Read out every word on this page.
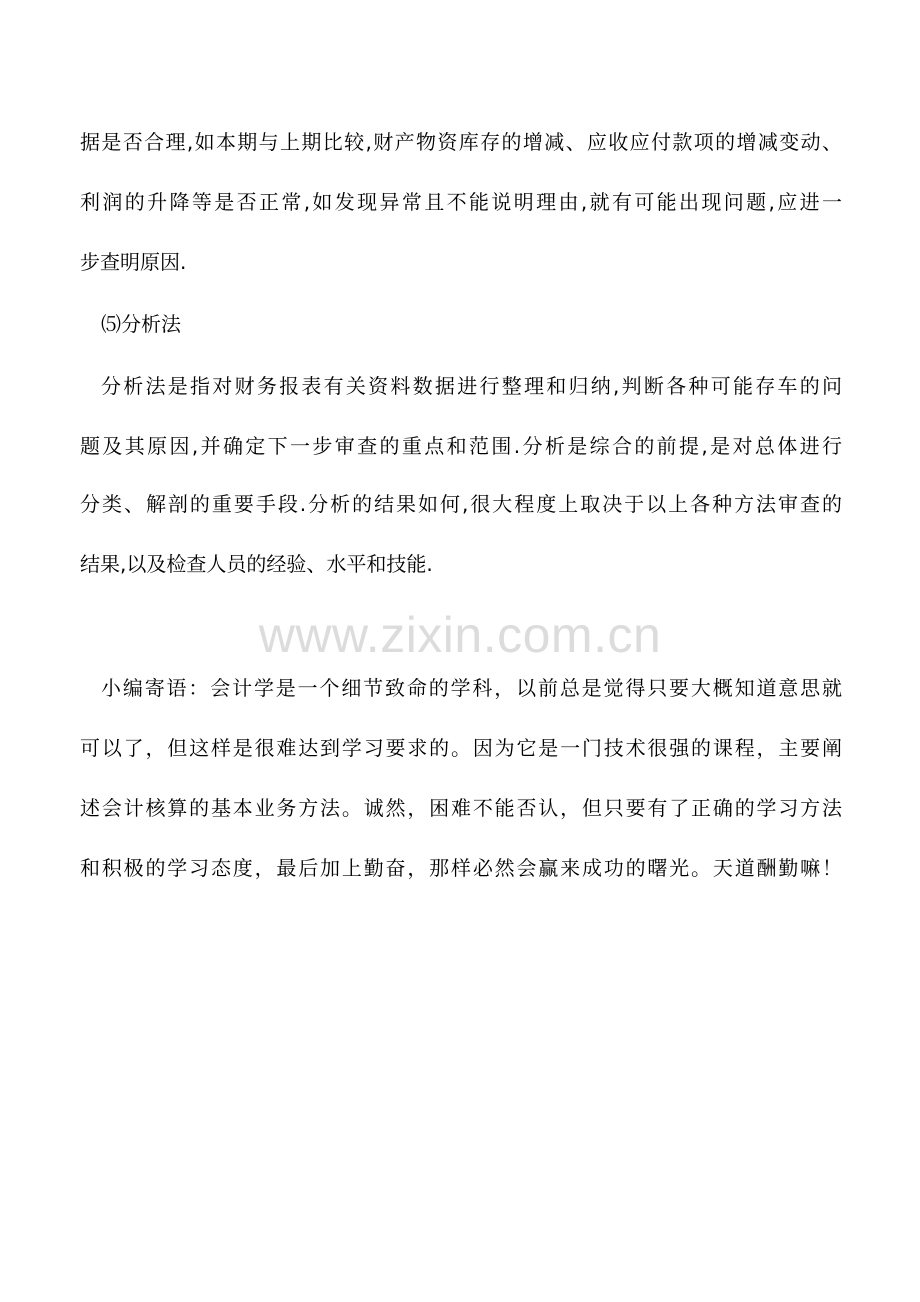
据是否合理,如本期与上期比较,财产物资库存的增减、应收应付款项的增减变动、
利润的升降等是否正常,如发现异常且不能说明理由,就有可能出现问题,应进一
步查明原因.
⑸分析法
分析法是指对财务报表有关资料数据进行整理和归纳,判断各种可能存车的问
题及其原因,并确定下一步审查的重点和范围.分析是综合的前提,是对总体进行
分类、解剖的重要手段.分析的结果如何,很大程度上取决于以上各种方法审查的
结果,以及检查人员的经验、水平和技能.
www.zixin.com.cn
小编寄语：会计学是一个细节致命的学科，以前总是觉得只要大概知道意思就
可以了，但这样是很难达到学习要求的。因为它是一门技术很强的课程，主要阐
述会计核算的基本业务方法。诚然，困难不能否认，但只要有了正确的学习方法
和积极的学习态度，最后加上勤奋，那样必然会赢来成功的曙光。天道酬勤嘛！
